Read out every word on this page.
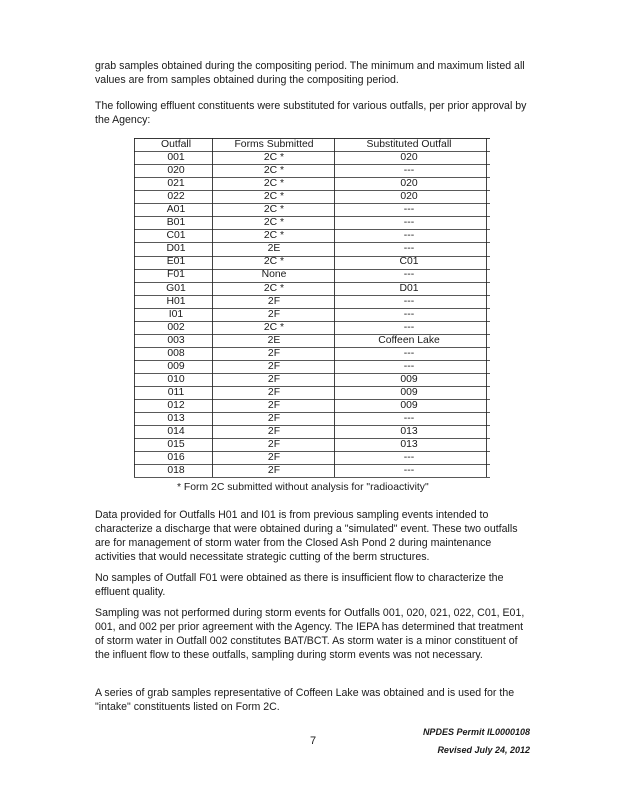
grab samples obtained during the compositing period. The minimum and maximum listed all values are from samples obtained during the compositing period.

The following effluent constituents were substituted for various outfalls, per prior approval by the Agency:

Outfall	Forms Submitted	Substituted Outfall
001	2C *	020
020	2C *	---
021	2C *	020
022	2C *	020
A01	2C *	---
B01	2C *	---
C01	2C *	---
D01	2E	---
E01	2C *	C01
F01	None	---
G01	2C *	D01
H01	2F	---
I01	2F	---
002	2C *	---
003	2E	Coffeen Lake
008	2F	---
009	2F	---
010	2F	009
011	2F	009
012	2F	009
013	2F	---
014	2F	013
015	2F	013
016	2F	---
018	2F	---
* Form 2C submitted without analysis for "radioactivity"

Data provided for Outfalls H01 and I01 is from previous sampling events intended to characterize a discharge that were obtained during a "simulated" event. These two outfalls are for management of storm water from the Closed Ash Pond 2 during maintenance activities that would necessitate strategic cutting of the berm structures.

No samples of Outfall F01 were obtained as there is insufficient flow to characterize the effluent quality.

Sampling was not performed during storm events for Outfalls 001, 020, 021, 022, C01, E01, 001, and 002 per prior agreement with the Agency. The IEPA has determined that treatment of storm water in Outfall 002 constitutes BAT/BCT. As storm water is a minor constituent of the influent flow to these outfalls, sampling during storm events was not necessary.

A series of grab samples representative of Coffeen Lake was obtained and is used for the "intake" constituents listed on Form 2C.

NPDES Permit IL0000108
7
Revised July 24, 2012
